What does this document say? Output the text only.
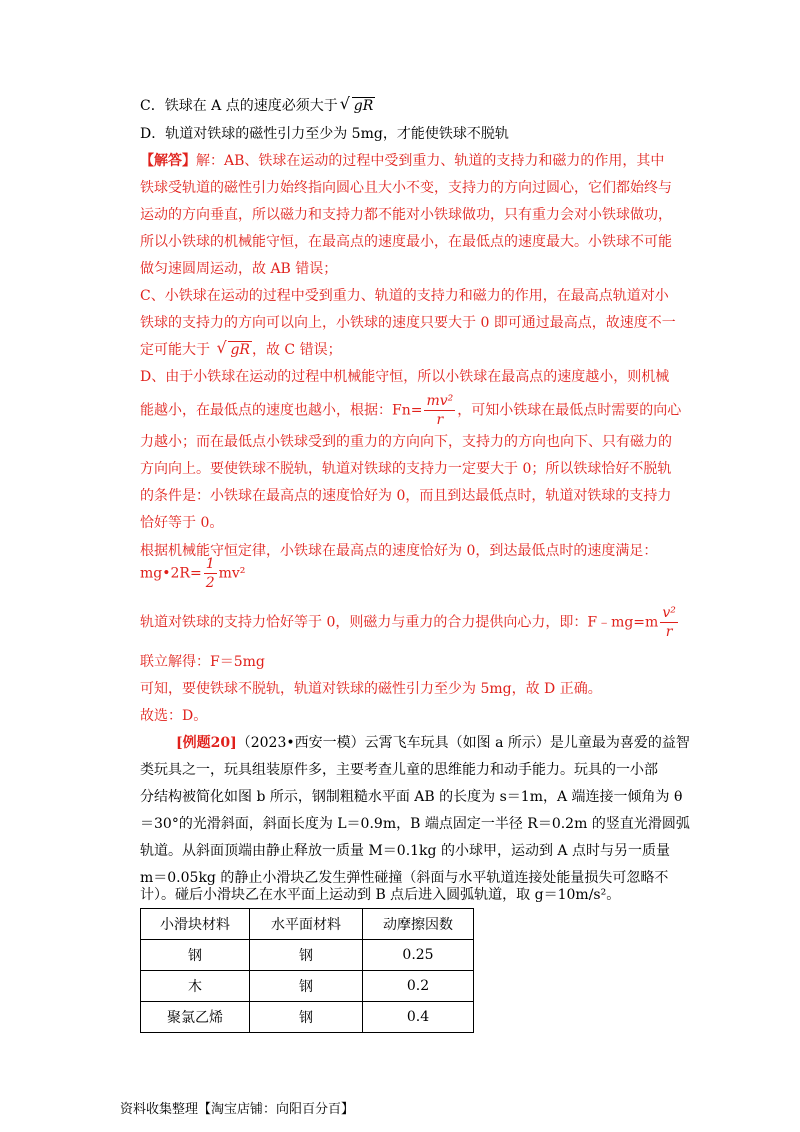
C．铁球在 A 点的速度必须大于 √ gR
D．轨道对铁球的磁性引力至少为 5mg，才能使铁球不脱轨
【解答】解：AB、铁球在运动的过程中受到重力、轨道的支持力和磁力的作用，其中
铁球受轨道的磁性引力始终指向圆心且大小不变，支持力的方向过圆心，它们都始终与
运动的方向垂直，所以磁力和支持力都不能对小铁球做功，只有重力会对小铁球做功，
所以小铁球的机械能守恒，在最高点的速度最小，在最低点的速度最大。小铁球不可能
做匀速圆周运动，故 AB 错误；
C、小铁球在运动的过程中受到重力、轨道的支持力和磁力的作用，在最高点轨道对小
铁球的支持力的方向可以向上，小铁球的速度只要大于 0 即可通过最高点，故速度不一
定可能大于 √ gR ，故 C 错误；
D、由于小铁球在运动的过程中机械能守恒，所以小铁球在最高点的速度越小，则机械
能越小，在最低点的速度也越小，根据：$Fn= \frac{\text{mv²}}{r}$ ，可知小铁球在最低点时需要的向心
力越小；而在最低点小铁球受到的重力的方向向下，支持力的方向也向下、只有磁力的
方向向上。要使铁球不脱轨，轨道对铁球的支持力一定要大于 0；所以铁球恰好不脱轨
的条件是：小铁球在最高点的速度恰好为 0，而且到达最低点时，轨道对铁球的支持力
恰好等于 0。
根据机械能守恒定律，小铁球在最高点的速度恰好为 0，到达最低点时的速度满足：
mg•2R= $\frac{1}{2} mv^2$
轨道对铁球的支持力恰好等于 0，则磁力与重力的合力提供向心力，即：F﹣mg=m $\frac{\text{v²}}{r}$
联立解得：F＝5mg
可知，要使铁球不脱轨，轨道对铁球的磁性引力至少为 5mg，故 D 正确。
故选：D。
[例题20]（2023•西安一模）云霄飞车玩具（如图 a 所示）是儿童最为喜爱的益智
类玩具之一，玩具组装原件多，主要考查儿童的思维能力和动手能力。玩具的一小部
分结构被简化如图 b 所示，钢制粗糙水平面 AB 的长度为 s＝1m，A 端连接一倾角为 θ
＝30°的光滑斜面，斜面长度为 L＝0.9m，B 端点固定一半径 R＝0.2m 的竖直光滑圆弧
轨道。从斜面顶端由静止释放一质量 M＝0.1kg 的小球甲，运动到 A 点时与另一质量
m＝0.05kg 的静止小滑块乙发生弹性碰撞（斜面与水平轨道连接处能量损失可忽略不
计）。碰后小滑块乙在水平面上运动到 B 点后进入圆弧轨道，取 g＝10m/s²。
小滑块材料	水平面材料	动摩擦因数
钢	钢	0.25
木	钢	0.2
聚氯乙烯	钢	0.4
资料收集整理【淘宝店铺：向阳百分百】
